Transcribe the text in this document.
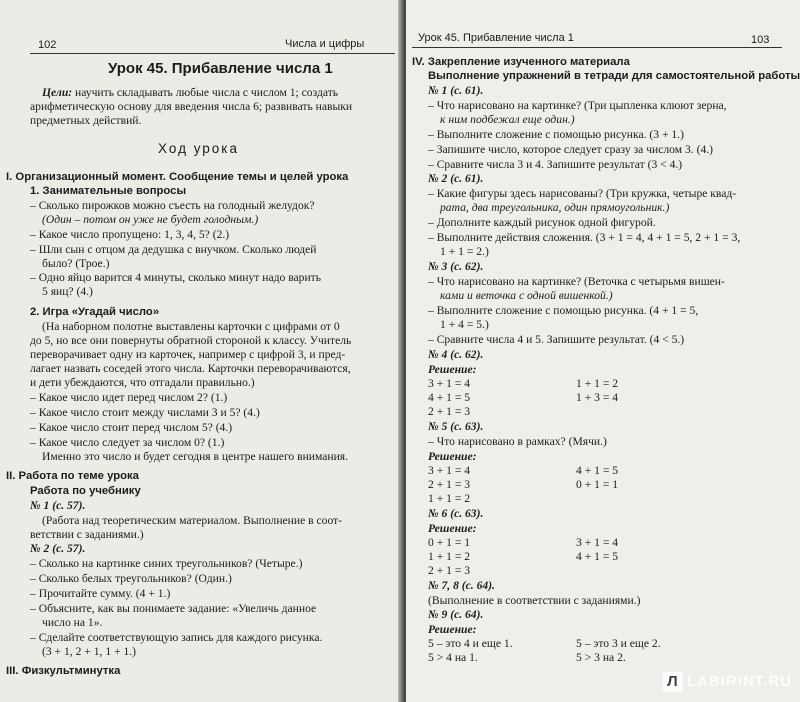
102	Числа и цифры
Урок 45. Прибавление числа 1
Цели: научить складывать любые числа с числом 1; создать
арифметическую основу для введения числа 6; развивать навыки
предметных действий.
Ход урока
I. Организационный момент. Сообщение темы и целей урока
1. Занимательные вопросы
– Сколько пирожков можно съесть на голодный желудок?
(Один – потом он уже не будет голодным.)
– Какое число пропущено: 1, 3, 4, 5? (2.)
– Шли сын с отцом да дедушка с внучком. Сколько людей
было? (Трое.)
– Одно яйцо варится 4 минуты, сколько минут надо варить
5 яиц? (4.)
2. Игра «Угадай число»
(На наборном полотне выставлены карточки с цифрами от 0
до 5, но все они повернуты обратной стороной к классу. Учитель
переворачивает одну из карточек, например с цифрой 3, и пред-
лагает назвать соседей этого числа. Карточки переворачиваются,
и дети убеждаются, что отгадали правильно.)
– Какое число идет перед числом 2? (1.)
– Какое число стоит между числами 3 и 5? (4.)
– Какое число стоит перед числом 5? (4.)
– Какое число следует за числом 0? (1.)
Именно это число и будет сегодня в центре нашего внимания.
II. Работа по теме урока
Работа по учебнику
№ 1 (с. 57).
(Работа над теоретическим материалом. Выполнение в соот-
ветствии с заданиями.)
№ 2 (с. 57).
– Сколько на картинке синих треугольников? (Четыре.)
– Сколько белых треугольников? (Один.)
– Прочитайте сумму. (4 + 1.)
– Объясните, как вы понимаете задание: «Увеличь данное
число на 1».
– Сделайте соответствующую запись для каждого рисунка.
(3 + 1, 2 + 1, 1 + 1.)
III. Физкультминутка
Урок 45. Прибавление числа 1	103
IV. Закрепление изученного материала
Выполнение упражнений в тетради для самостоятельной работы
№ 1 (с. 61).
– Что нарисовано на картинке? (Три цыпленка клюют зерна,
к ним подбежал еще один.)
– Выполните сложение с помощью рисунка. (3 + 1.)
– Запишите число, которое следует сразу за числом 3. (4.)
– Сравните числа 3 и 4. Запишите результат (3 < 4.)
№ 2 (с. 61).
– Какие фигуры здесь нарисованы? (Три кружка, четыре квад-
рата, два треугольника, один прямоугольник.)
– Дополните каждый рисунок одной фигурой.
– Выполните действия сложения. (3 + 1 = 4, 4 + 1 = 5, 2 + 1 = 3,
1 + 1 = 2.)
№ 3 (с. 62).
– Что нарисовано на картинке? (Веточка с четырьмя вишен-
ками и веточка с одной вишенкой.)
– Выполните сложение с помощью рисунка. (4 + 1 = 5,
1 + 4 = 5.)
– Сравните числа 4 и 5. Запишите результат. (4 < 5.)
№ 4 (с. 62).
Решение:
3 + 1 = 4	1 + 1 = 2
4 + 1 = 5	1 + 3 = 4
2 + 1 = 3
№ 5 (с. 63).
– Что нарисовано в рамках? (Мячи.)
Решение:
3 + 1 = 4	4 + 1 = 5
2 + 1 = 3	0 + 1 = 1
1 + 1 = 2
№ 6 (с. 63).
Решение:
0 + 1 = 1	3 + 1 = 4
1 + 1 = 2	4 + 1 = 5
2 + 1 = 3
№ 7, 8 (с. 64).
(Выполнение в соответствии с заданиями.)
№ 9 (с. 64).
Решение:
5 – это 4 и еще 1.	5 – это 3 и еще 2.
5 > 4 на 1.	5 > 3 на 2.
Л LABIRINT.RU
